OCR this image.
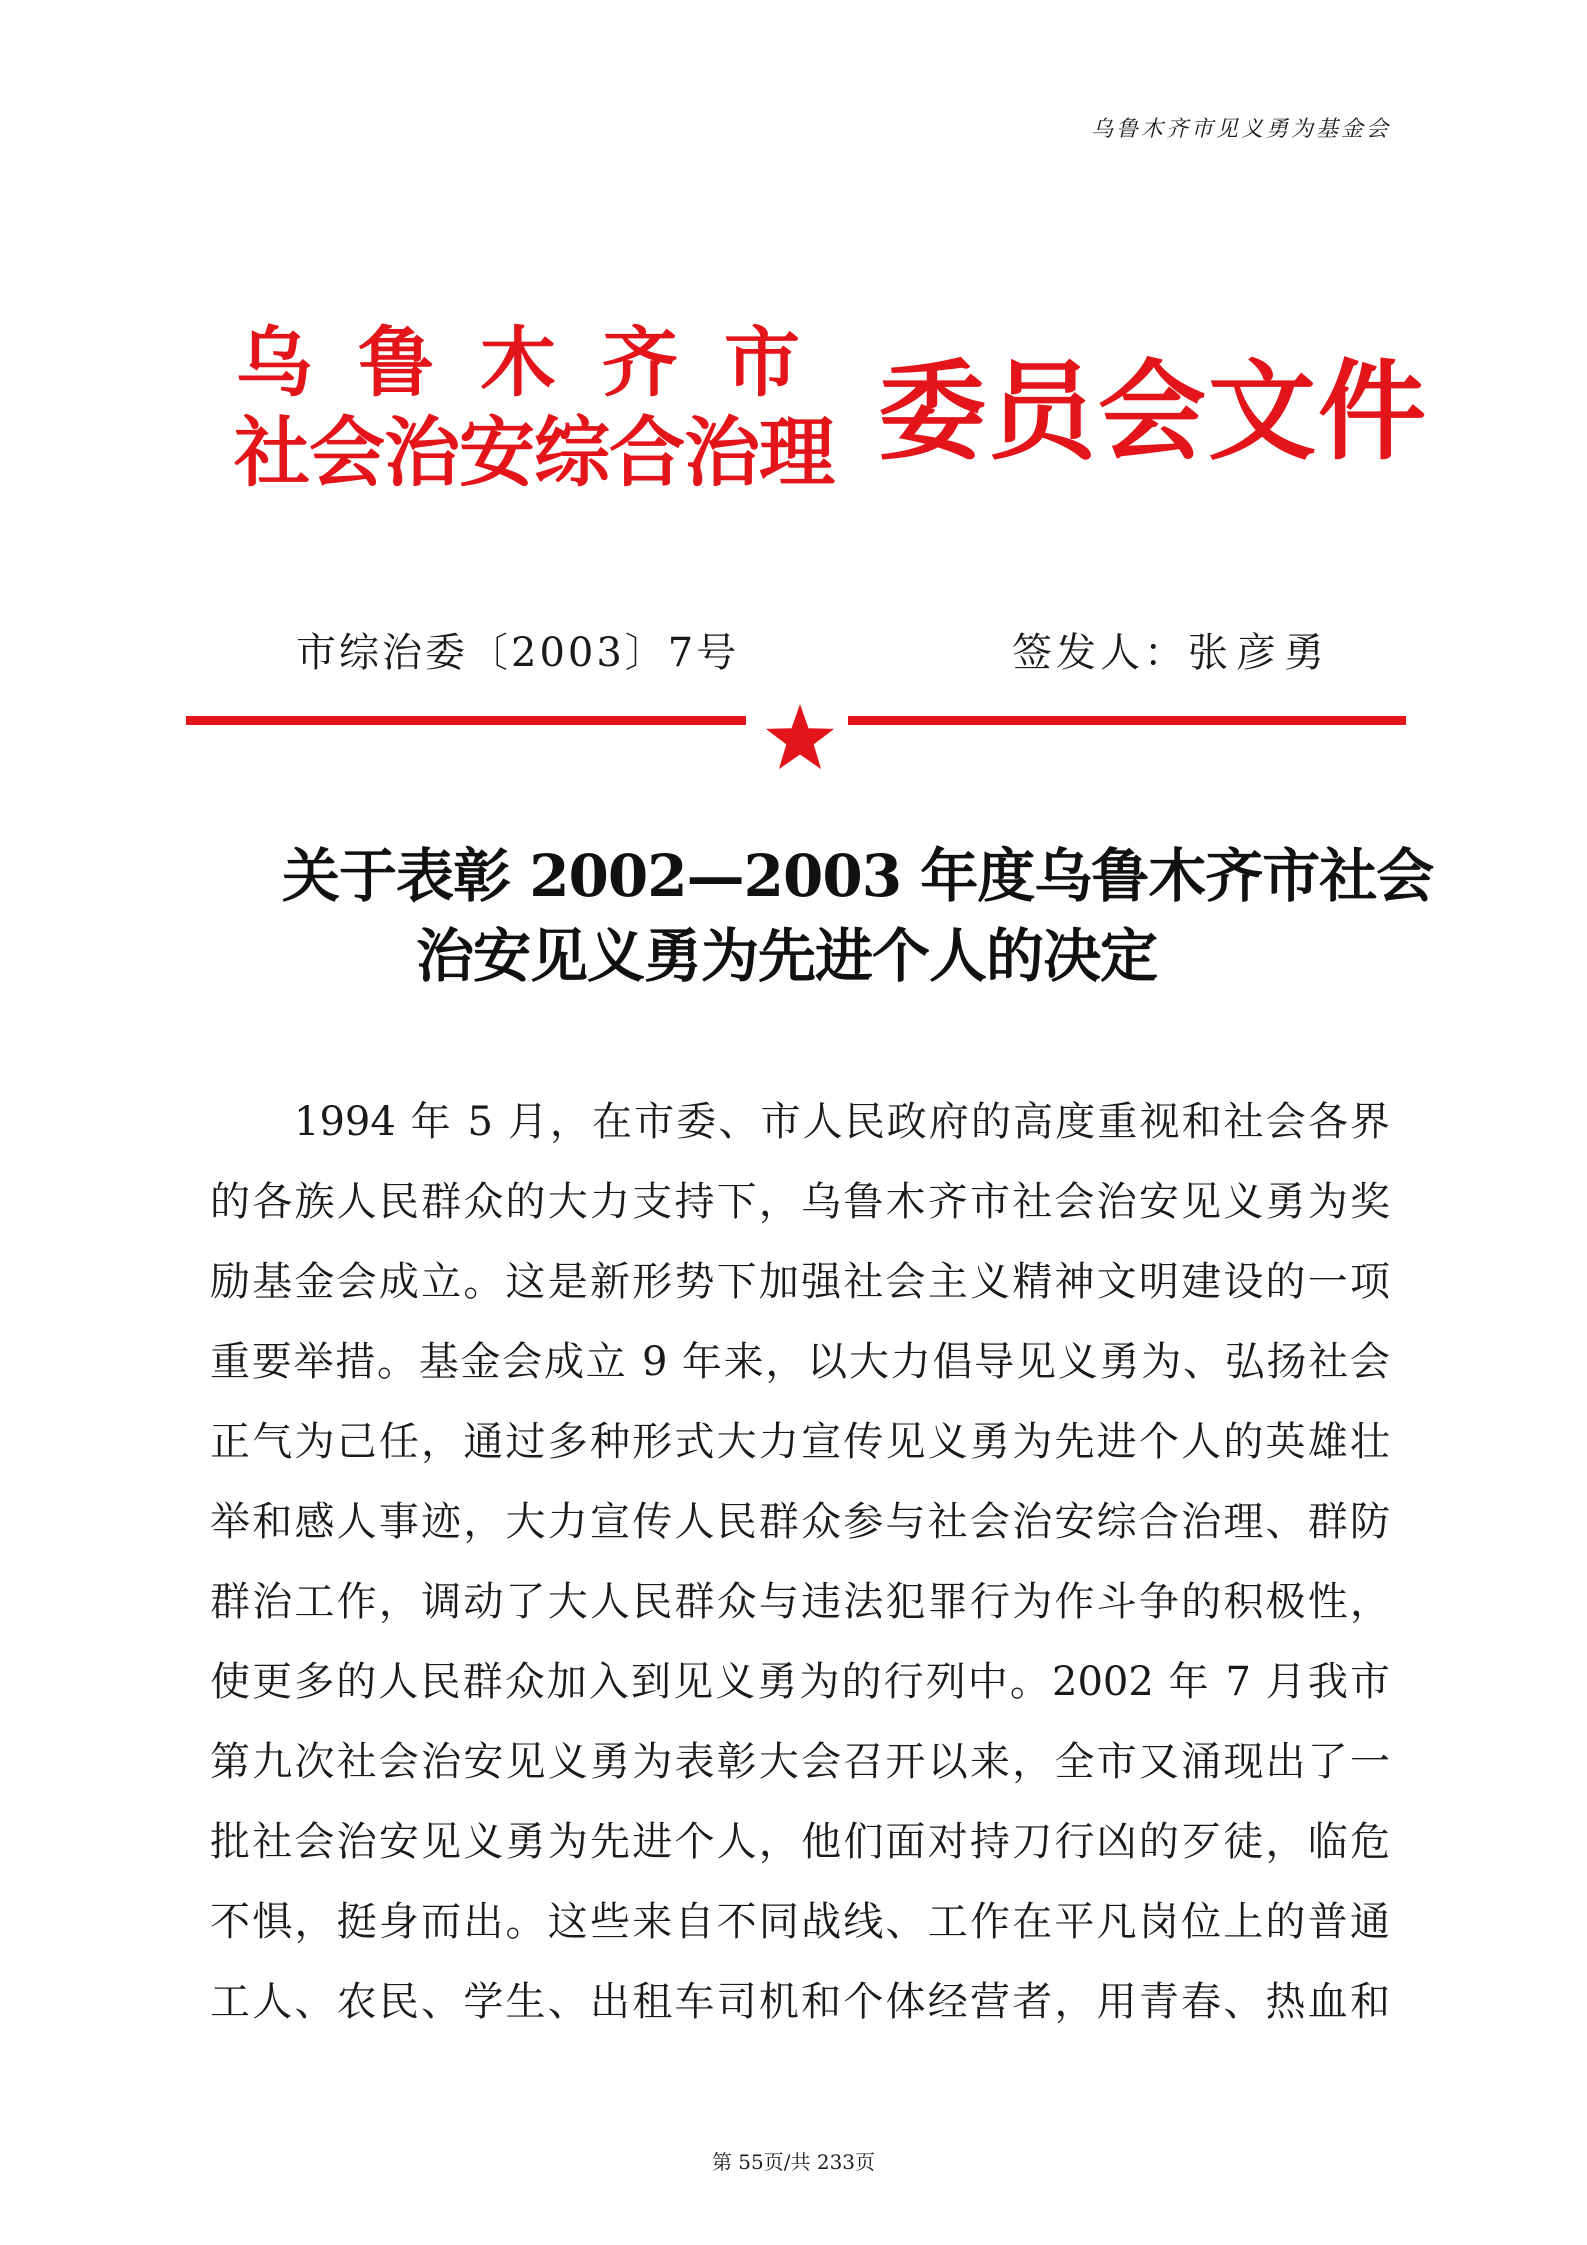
乌鲁木齐市见义勇为基金会
乌鲁木齐市
社会治安综合治理 委员会文件
市综治委〔2003〕7号	签发人：张彦勇
关于表彰 2002—2003 年度乌鲁木齐市社会
治安见义勇为先进个人的决定
1994 年 5 月，在市委、市人民政府的高度重视和社会各界
的各族人民群众的大力支持下，乌鲁木齐市社会治安见义勇为奖
励基金会成立。这是新形势下加强社会主义精神文明建设的一项
重要举措。基金会成立 9 年来，以大力倡导见义勇为、弘扬社会
正气为己任，通过多种形式大力宣传见义勇为先进个人的英雄壮
举和感人事迹，大力宣传人民群众参与社会治安综合治理、群防
群治工作，调动了大人民群众与违法犯罪行为作斗争的积极性，
使更多的人民群众加入到见义勇为的行列中。2002 年 7 月我市
第九次社会治安见义勇为表彰大会召开以来，全市又涌现出了一
批社会治安见义勇为先进个人，他们面对持刀行凶的歹徒，临危
不惧，挺身而出。这些来自不同战线、工作在平凡岗位上的普通
工人、农民、学生、出租车司机和个体经营者，用青春、热血和
第 55页/共 233页
